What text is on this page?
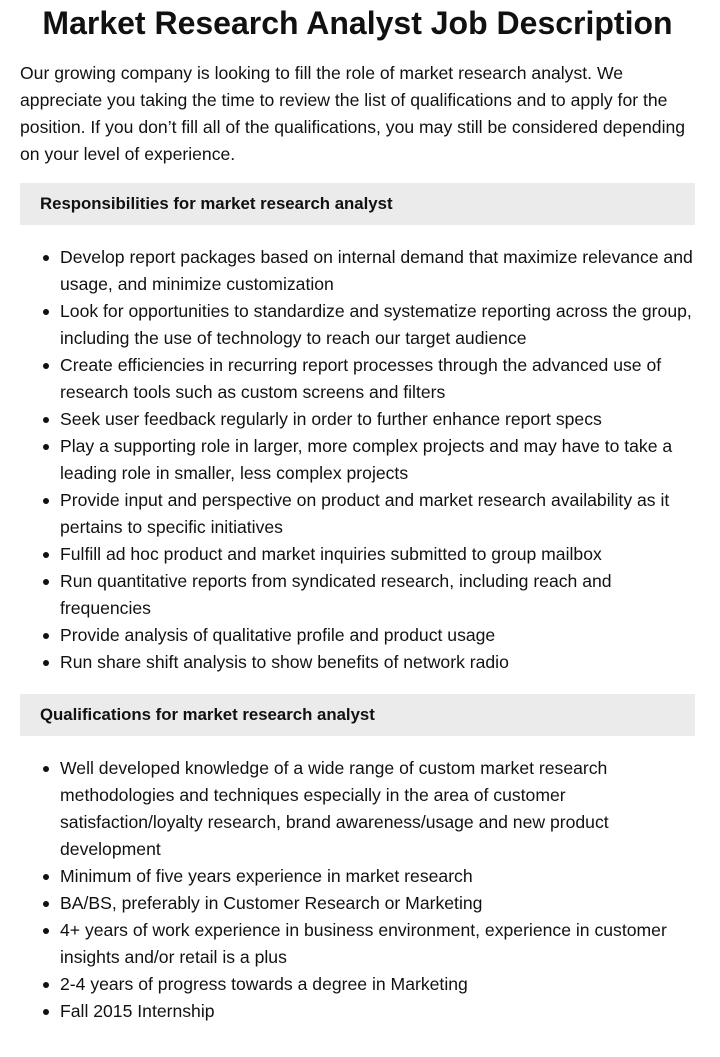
Market Research Analyst Job Description

Our growing company is looking to fill the role of market research analyst. We appreciate you taking the time to review the list of qualifications and to apply for the position. If you don’t fill all of the qualifications, you may still be considered depending on your level of experience.

Responsibilities for market research analyst
Develop report packages based on internal demand that maximize relevance and usage, and minimize customization
Look for opportunities to standardize and systematize reporting across the group, including the use of technology to reach our target audience
Create efficiencies in recurring report processes through the advanced use of research tools such as custom screens and filters
Seek user feedback regularly in order to further enhance report specs
Play a supporting role in larger, more complex projects and may have to take a leading role in smaller, less complex projects
Provide input and perspective on product and market research availability as it pertains to specific initiatives
Fulfill ad hoc product and market inquiries submitted to group mailbox
Run quantitative reports from syndicated research, including reach and frequencies
Provide analysis of qualitative profile and product usage
Run share shift analysis to show benefits of network radio
Qualifications for market research analyst
Well developed knowledge of a wide range of custom market research methodologies and techniques especially in the area of customer satisfaction/loyalty research, brand awareness/usage and new product development
Minimum of five years experience in market research
BA/BS, preferably in Customer Research or Marketing
4+ years of work experience in business environment, experience in customer insights and/or retail is a plus
2-4 years of progress towards a degree in Marketing
Fall 2015 Internship
